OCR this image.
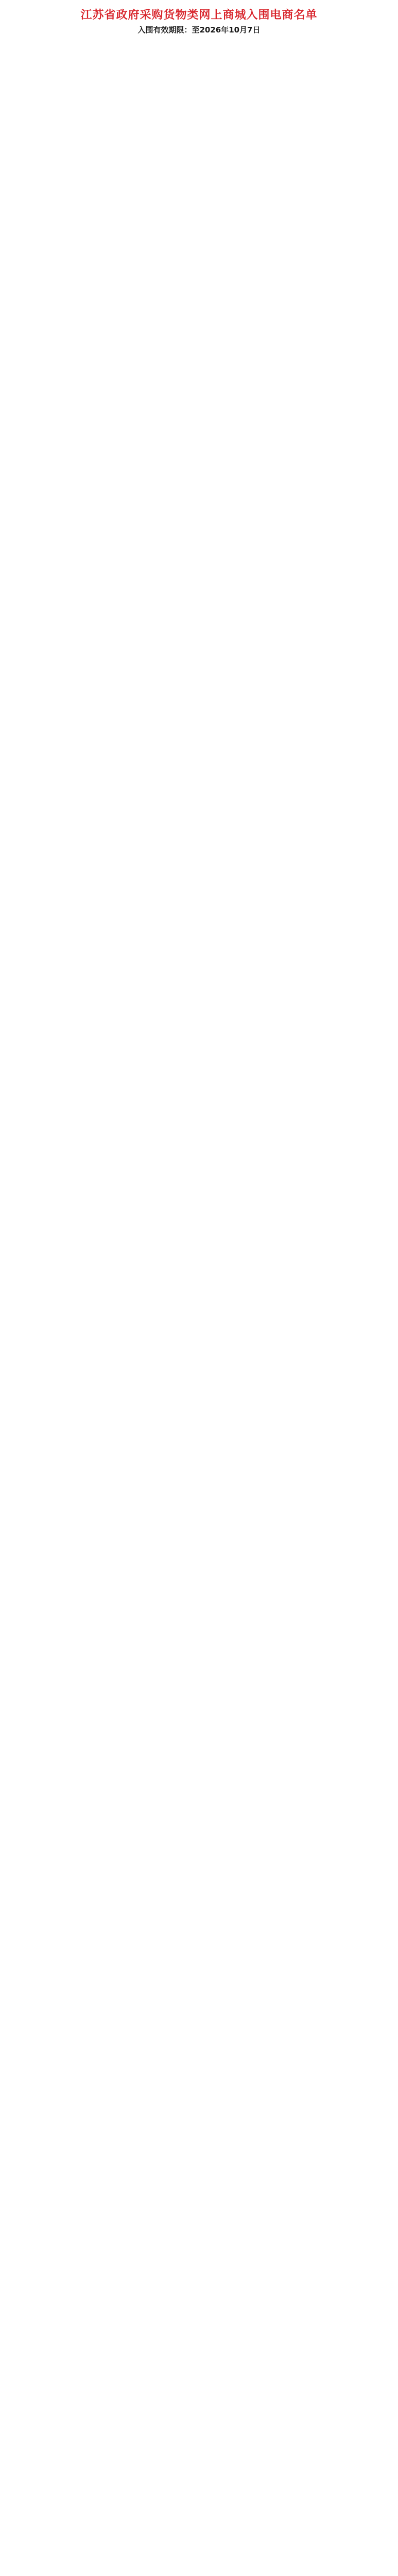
江苏省政府采购货物类网上商城入围电商名单
入围有效期限：至2026年10月7日
